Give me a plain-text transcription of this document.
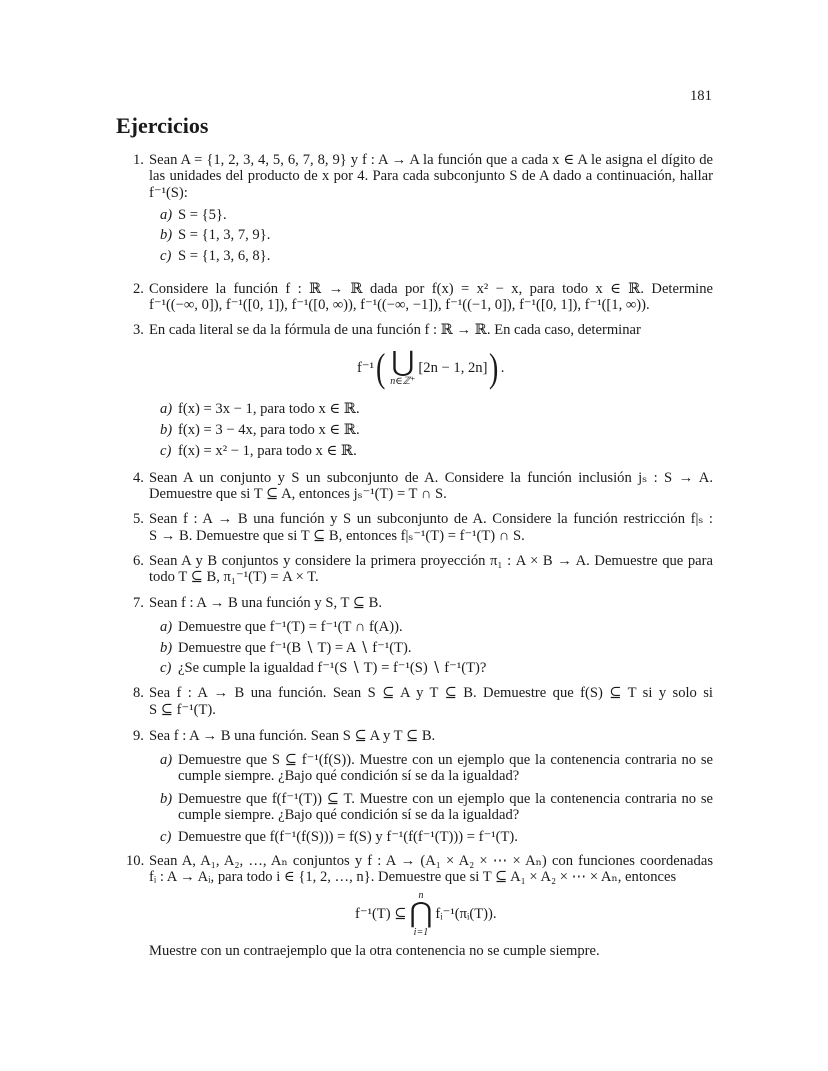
181
Ejercicios
1. Sean A = {1, 2, 3, 4, 5, 6, 7, 8, 9} y f : A → A la función que a cada x ∈ A le asigna el dígito de
las unidades del producto de x por 4. Para cada subconjunto S de A dado a continuación, hallar
f⁻¹(S):
a) S = {5}.
b) S = {1, 3, 7, 9}.
c) S = {1, 3, 6, 8}.
2. Considere la función f : ℝ → ℝ dada por f(x) = x² − x, para todo x ∈ ℝ. Determine
f⁻¹((−∞, 0]), f⁻¹([0, 1]), f⁻¹([0, ∞)), f⁻¹((−∞, −1]), f⁻¹((−1, 0]), f⁻¹([0, 1]), f⁻¹([1, ∞)).
3. En cada literal se da la fórmula de una función f : ℝ → ℝ. En cada caso, determinar
a) f(x) = 3x − 1, para todo x ∈ ℝ.
b) f(x) = 3 − 4x, para todo x ∈ ℝ.
c) f(x) = x² − 1, para todo x ∈ ℝ.
4. Sean A un conjunto y S un subconjunto de A. Considere la función inclusión jₛ : S → A.
Demuestre que si T ⊆ A, entonces jₛ⁻¹(T) = T ∩ S.
5. Sean f : A → B una función y S un subconjunto de A. Considere la función restricción f|ₛ :
S → B. Demuestre que si T ⊆ B, entonces f|ₛ⁻¹(T) = f⁻¹(T) ∩ S.
6. Sean A y B conjuntos y considere la primera proyección π₁ : A × B → A. Demuestre que para
todo T ⊆ B, π₁⁻¹(T) = A × T.
7. Sean f : A → B una función y S, T ⊆ B.
a) Demuestre que f⁻¹(T) = f⁻¹(T ∩ f(A)).
b) Demuestre que f⁻¹(B ∖ T) = A ∖ f⁻¹(T).
c) ¿Se cumple la igualdad f⁻¹(S ∖ T) = f⁻¹(S) ∖ f⁻¹(T)?
8. Sea f : A → B una función. Sean S ⊆ A y T ⊆ B. Demuestre que f(S) ⊆ T si y solo si
S ⊆ f⁻¹(T).
9. Sea f : A → B una función. Sean S ⊆ A y T ⊆ B.
a) Demuestre que S ⊆ f⁻¹(f(S)). Muestre con un ejemplo que la contenencia contraria no se
cumple siempre. ¿Bajo qué condición sí se da la igualdad?
b) Demuestre que f(f⁻¹(T)) ⊆ T. Muestre con un ejemplo que la contenencia contraria no se
cumple siempre. ¿Bajo qué condición sí se da la igualdad?
c) Demuestre que f(f⁻¹(f(S))) = f(S) y f⁻¹(f(f⁻¹(T))) = f⁻¹(T).
10. Sean A, A₁, A₂, …, Aₙ conjuntos y f : A → (A₁ × A₂ × ⋯ × Aₙ) con funciones coordenadas
fᵢ : A → Aᵢ, para todo i ∈ {1, 2, …, n}. Demuestre que si T ⊆ A₁ × A₂ × ⋯ × Aₙ, entonces
f⁻¹ ( ⋃
n∈ℤ⁺
[2n − 1, 2n] ) .
f⁻¹(T) ⊆
n
⋂
i=1
fᵢ⁻¹(πᵢ(T)).
Muestre con un contraejemplo que la otra contenencia no se cumple siempre.
